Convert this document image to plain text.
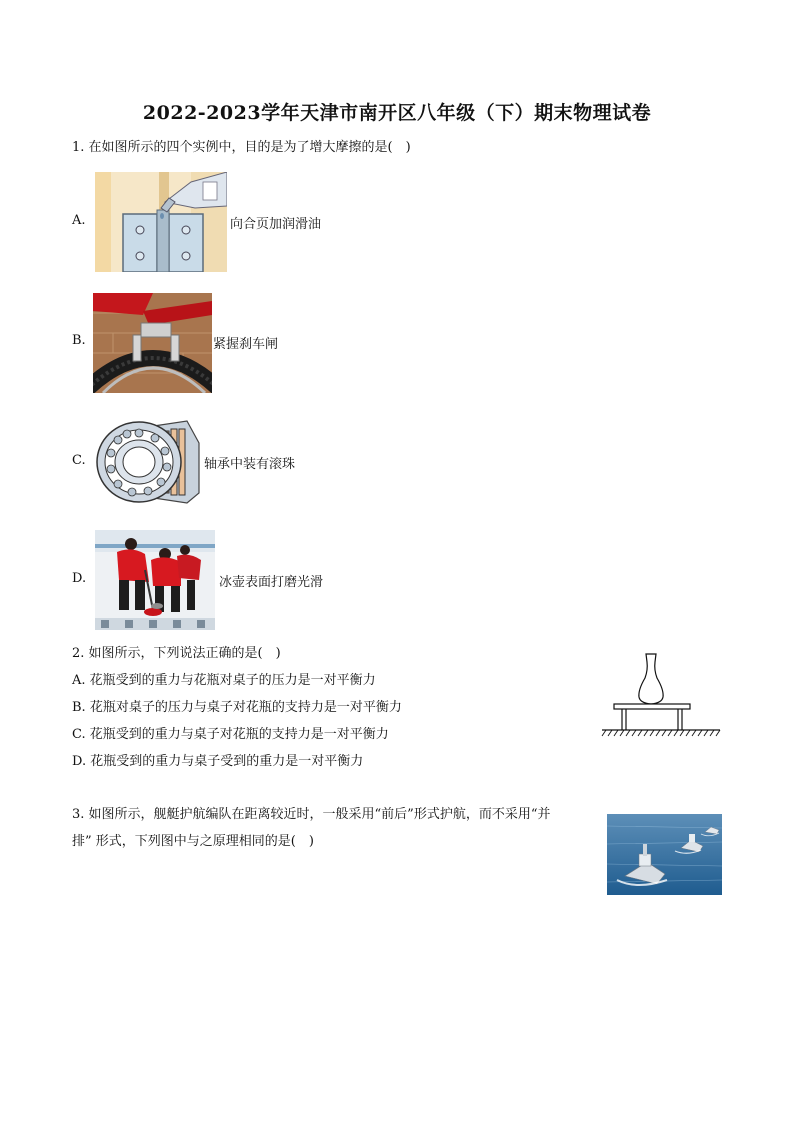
2022-2023学年天津市南开区八年级（下）期末物理试卷
1. 在如图所示的四个实例中，目的是为了增大摩擦的是(　)
A.	向合页加润滑油
B.	紧握刹车闸
C.	轴承中装有滚珠
D.	冰壶表面打磨光滑
2. 如图所示，下列说法正确的是(　)
A. 花瓶受到的重力与花瓶对桌子的压力是一对平衡力
B. 花瓶对桌子的压力与桌子对花瓶的支持力是一对平衡力
C. 花瓶受到的重力与桌子对花瓶的支持力是一对平衡力
D. 花瓶受到的重力与桌子受到的重力是一对平衡力
3. 如图所示，舰艇护航编队在距离较近时，一般采用“前后”形式护航，而不采用“并
排” 形式，下列图中与之原理相同的是(　)
